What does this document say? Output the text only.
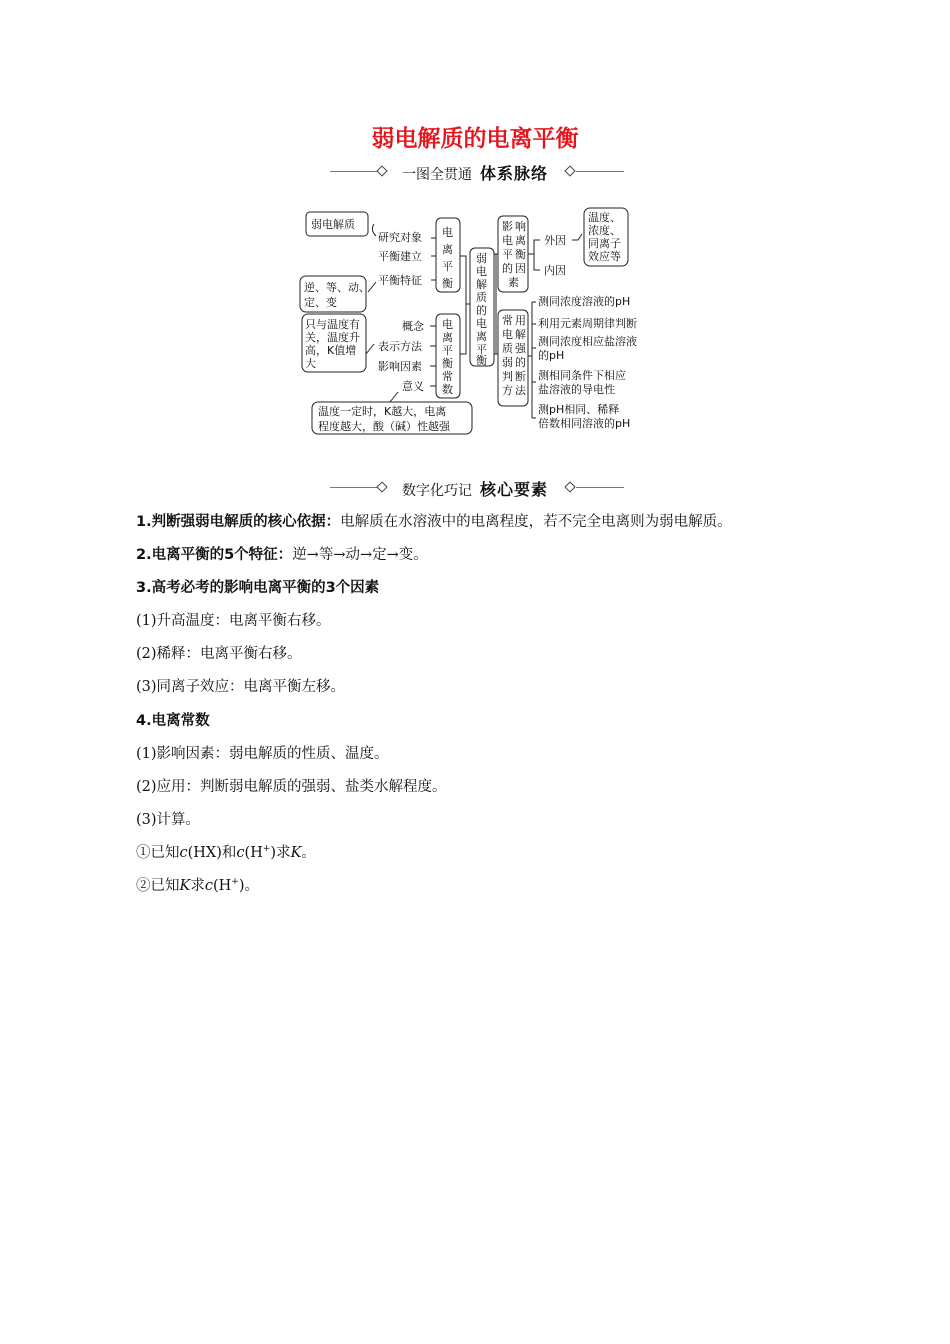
弱电解质的电离平衡
一图全贯通 体系脉络
弱电解质
研究对象
平衡建立
平衡特征
逆、等、动、
定、变
电
离
平
衡
概念
表示方法
影响因素
意义
只与温度有
关，温度升
高，K值增
大
电
离
平
衡
常
数
温度一定时，K越大，电离
程度越大，酸（碱）性越强
弱
电
解
质
的
电
离
平
衡
影 响
电 离
平 衡
的 因
素
外因
内因
温度、
浓度、
同离子
效应等
常 用
电 解
质 强
弱 的
判 断
方 法
测同浓度溶液的pH
利用元素周期律判断
测同浓度相应盐溶液
的pH
测相同条件下相应
盐溶液的导电性
测pH相同、稀释
倍数相同溶液的pH
数字化巧记 核心要素
1.判断强弱电解质的核心依据：电解质在水溶液中的电离程度，若不完全电离则为弱电解质。
2.电离平衡的5个特征：逆→等→动→定→变。
3.高考必考的影响电离平衡的3个因素
(1)升高温度：电离平衡右移。
(2)稀释：电离平衡右移。
(3)同离子效应：电离平衡左移。
4.电离常数
(1)影响因素：弱电解质的性质、温度。
(2)应用：判断弱电解质的强弱、盐类水解程度。
(3)计算。
①已知c(HX)和c(H+)求K。
②已知K求c(H+)。
